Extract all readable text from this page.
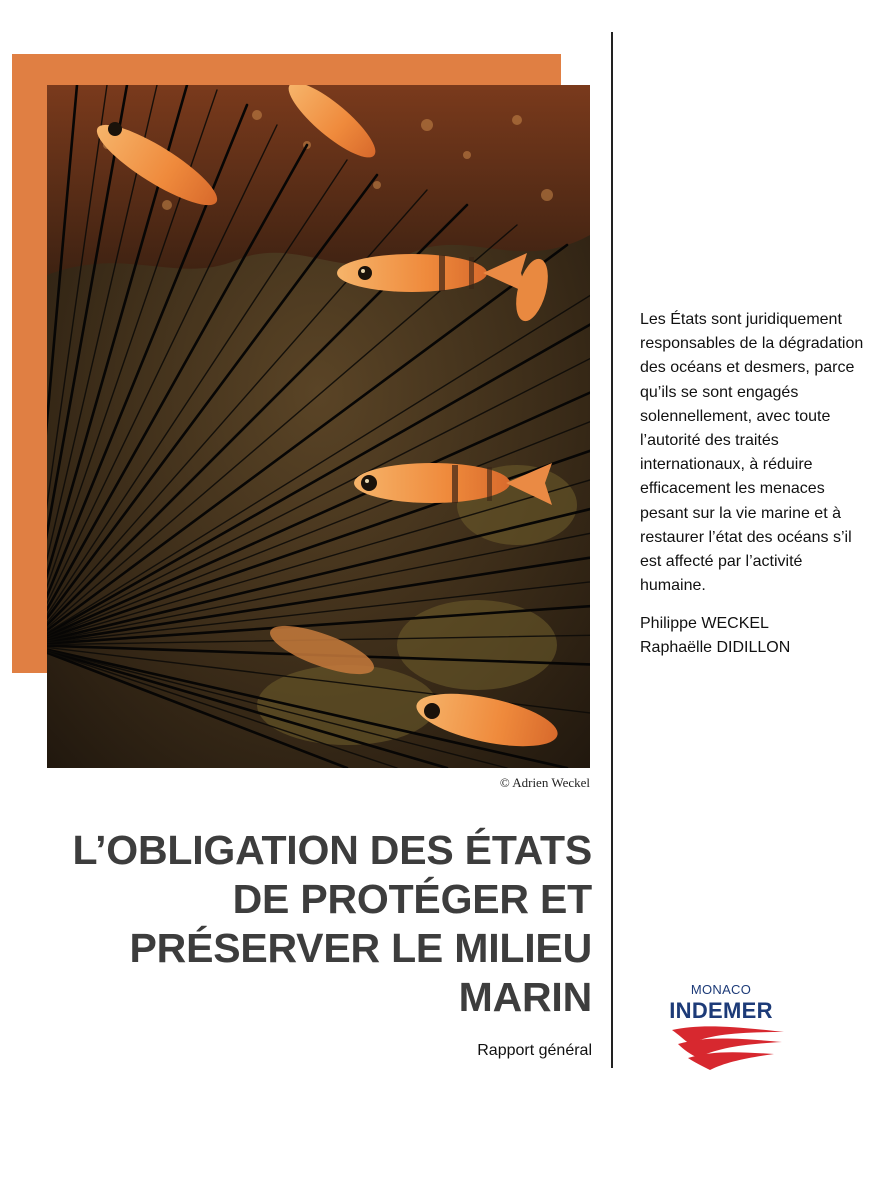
© Adrien Weckel
L’OBLIGATION DES ÉTATS
DE PROTÉGER ET
PRÉSERVER LE MILIEU
MARIN
Rapport général

Les États sont juridiquement responsables de la dégradation des océans et desmers, parce qu’ils se sont engagés solennellement, avec toute l’autorité des traités internationaux, à réduire efficacement les menaces pesant sur la vie marine et à restaurer l’état des océans s’il est affecté par l’activité humaine.

Philippe WECKEL
Raphaëlle DIDILLON
MONACO
INDEMER
